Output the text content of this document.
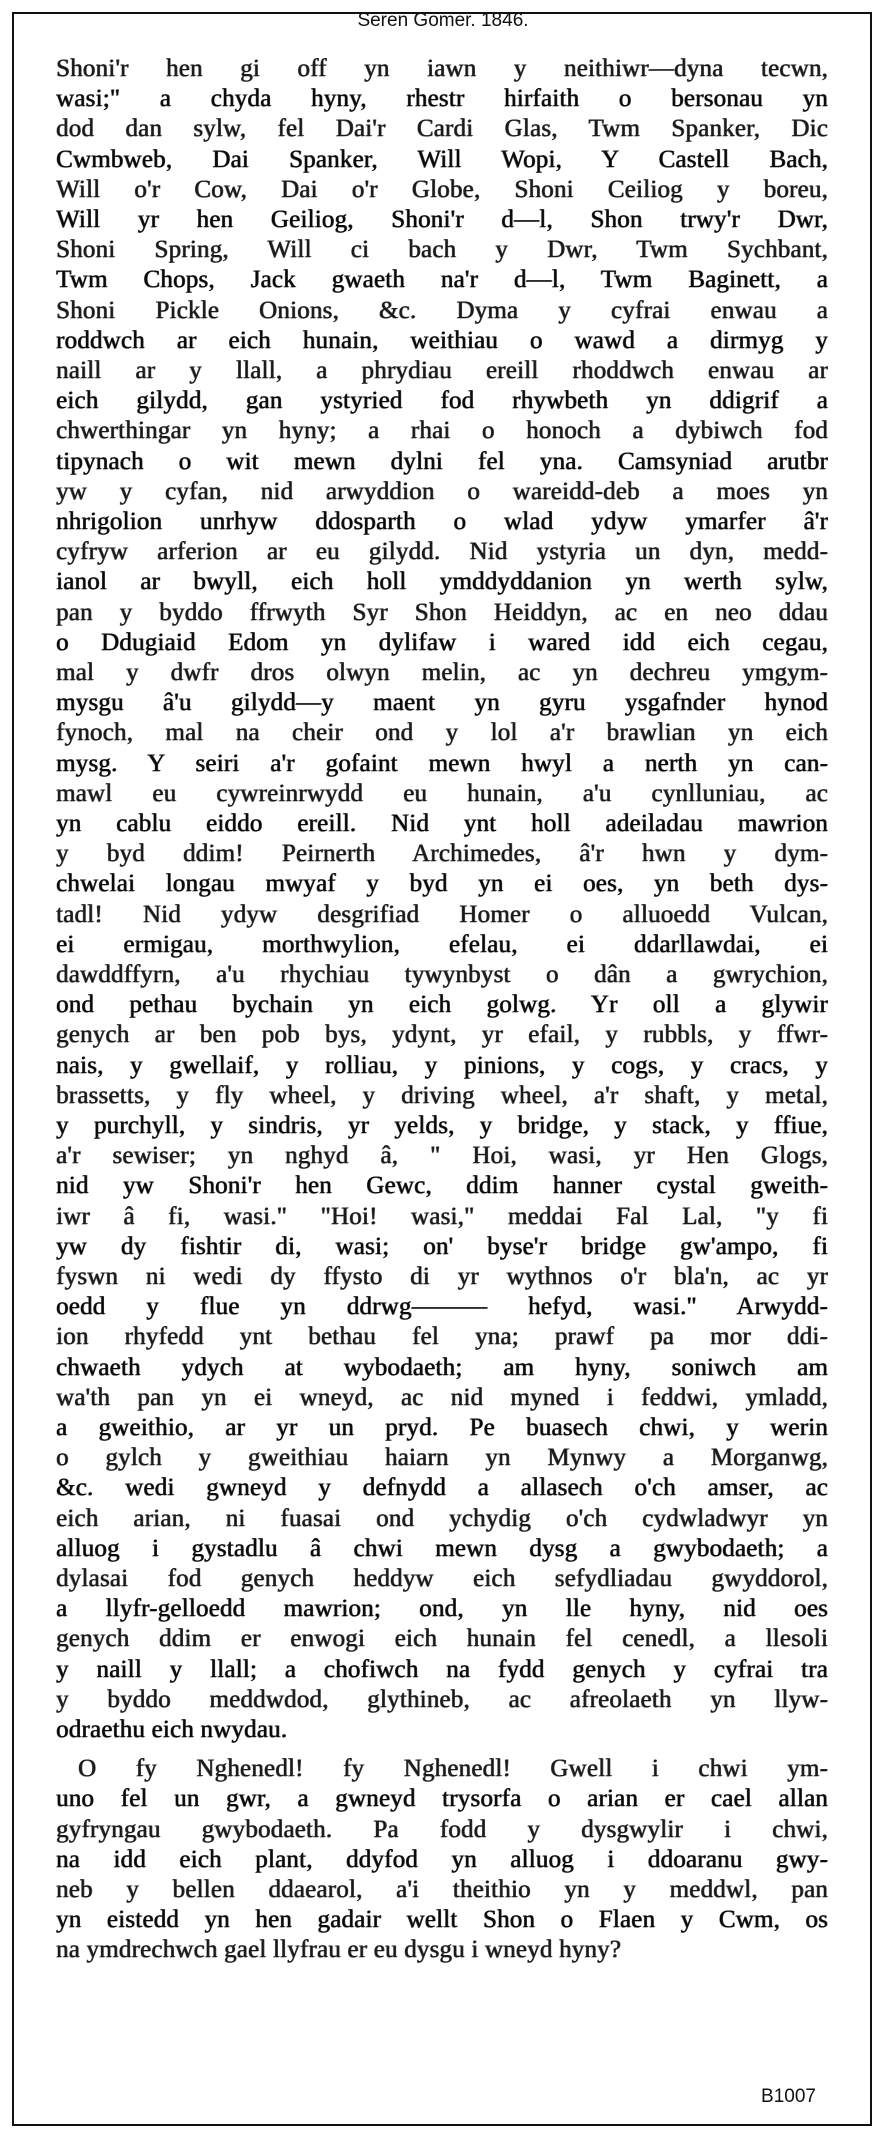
Seren Gomer. 1846.
Shoni'r hen gi off yn iawn y neithiwr—dyna tecwn,
wasi;" a chyda hyny, rhestr hirfaith o bersonau yn
dod dan sylw, fel Dai'r Cardi Glas, Twm Spanker, Dic
Cwmbweb, Dai Spanker, Will Wopi, Y Castell Bach,
Will o'r Cow, Dai o'r Globe, Shoni Ceiliog y boreu,
Will yr hen Geiliog, Shoni'r d—l, Shon trwy'r Dwr,
Shoni Spring, Will ci bach y Dwr, Twm Sychbant,
Twm Chops, Jack gwaeth na'r d—l, Twm Baginett, a
Shoni Pickle Onions, &c. Dyma y cyfrai enwau a
roddwch ar eich hunain, weithiau o wawd a dirmyg y
naill ar y llall, a phrydiau ereill rhoddwch enwau ar
eich gilydd, gan ystyried fod rhywbeth yn ddigrif a
chwerthingar yn hyny; a rhai o honoch a dybiwch fod
tipynach o wit mewn dylni fel yna. Camsyniad arutbr
yw y cyfan, nid arwyddion o wareidd-deb a moes yn
nhrigolion unrhyw ddosparth o wlad ydyw ymarfer â'r
cyfryw arferion ar eu gilydd. Nid ystyria un dyn, medd-
ianol ar bwyll, eich holl ymddyddanion yn werth sylw,
pan y byddo ffrwyth Syr Shon Heiddyn, ac en neo ddau
o Ddugiaid Edom yn dylifaw i wared idd eich cegau,
mal y dwfr dros olwyn melin, ac yn dechreu ymgym-
mysgu â'u gilydd—y maent yn gyru ysgafnder hynod
fynoch, mal na cheir ond y lol a'r brawlian yn eich
mysg. Y seiri a'r gofaint mewn hwyl a nerth yn can-
mawl eu cywreinrwydd eu hunain, a'u cynlluniau, ac
yn cablu eiddo ereill. Nid ynt holl adeiladau mawrion
y byd ddim! Peirnerth Archimedes, â'r hwn y dym-
chwelai longau mwyaf y byd yn ei oes, yn beth dys-
tadl! Nid ydyw desgrifiad Homer o alluoedd Vulcan,
ei ermigau, morthwylion, efelau, ei ddarllawdai, ei
dawddffyrn, a'u rhychiau tywynbyst o dân a gwrychion,
ond pethau bychain yn eich golwg. Yr oll a glywir
genych ar ben pob bys, ydynt, yr efail, y rubbls, y ffwr-
nais, y gwellaif, y rolliau, y pinions, y cogs, y cracs, y
brassetts, y fly wheel, y driving wheel, a'r shaft, y metal,
y purchyll, y sindris, yr yelds, y bridge, y stack, y ffiue,
a'r sewiser; yn nghyd â, " Hoi, wasi, yr Hen Glogs,
nid yw Shoni'r hen Gewc, ddim hanner cystal gweith-
iwr â fi, wasi." "Hoi! wasi," meddai Fal Lal, "y fi
yw dy fishtir di, wasi; on' byse'r bridge gw'ampo, fi
fyswn ni wedi dy ffysto di yr wythnos o'r bla'n, ac yr
oedd y flue yn ddrwg——— hefyd, wasi." Arwydd-
ion rhyfedd ynt bethau fel yna; prawf pa mor ddi-
chwaeth ydych at wybodaeth; am hyny, soniwch am
wa'th pan yn ei wneyd, ac nid myned i feddwi, ymladd,
a gweithio, ar yr un pryd. Pe buasech chwi, y werin
o gylch y gweithiau haiarn yn Mynwy a Morganwg,
&c. wedi gwneyd y defnydd a allasech o'ch amser, ac
eich arian, ni fuasai ond ychydig o'ch cydwladwyr yn
alluog i gystadlu â chwi mewn dysg a gwybodaeth; a
dylasai fod genych heddyw eich sefydliadau gwyddorol,
a llyfr-gelloedd mawrion; ond, yn lle hyny, nid oes
genych ddim er enwogi eich hunain fel cenedl, a llesoli
y naill y llall; a chofiwch na fydd genych y cyfrai tra
y byddo meddwdod, glythineb, ac afreolaeth yn llyw-
odraethu eich nwydau.
O fy Nghenedl! fy Nghenedl! Gwell i chwi ym-
uno fel un gwr, a gwneyd trysorfa o arian er cael allan
gyfryngau gwybodaeth. Pa fodd y dysgwylir i chwi,
na idd eich plant, ddyfod yn alluog i ddoaranu gwy-
neb y bellen ddaearol, a'i theithio yn y meddwl, pan
yn eistedd yn hen gadair wellt Shon o Flaen y Cwm, os
na ymdrechwch gael llyfrau er eu dysgu i wneyd hyny?
B1007
